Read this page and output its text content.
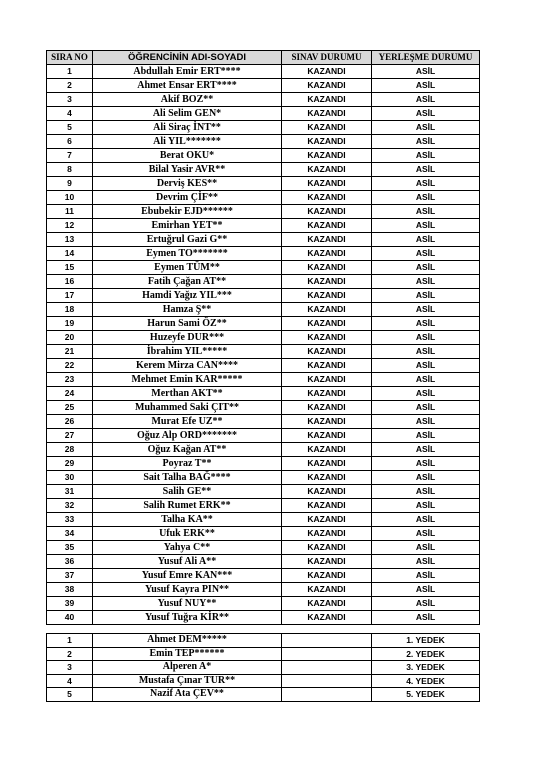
SIRA NO	ÖĞRENCİNİN ADI-SOYADI	SINAV DURUMU	YERLEŞME DURUMU
1	Abdullah Emir ERT****	KAZANDI	ASİL
2	Ahmet Ensar ERT****	KAZANDI	ASİL
3	Akif BOZ**	KAZANDI	ASİL
4	Ali Selim GEN*	KAZANDI	ASİL
5	Ali Siraç İNT**	KAZANDI	ASİL
6	Ali YIL*******	KAZANDI	ASİL
7	Berat OKU*	KAZANDI	ASİL
8	Bilal Yasir AVR**	KAZANDI	ASİL
9	Derviş KES**	KAZANDI	ASİL
10	Devrim ÇİF**	KAZANDI	ASİL
11	Ebubekir EJD******	KAZANDI	ASİL
12	Emirhan YET**	KAZANDI	ASİL
13	Ertuğrul Gazi G**	KAZANDI	ASİL
14	Eymen TO*******	KAZANDI	ASİL
15	Eymen TÜM**	KAZANDI	ASİL
16	Fatih Çağan AT**	KAZANDI	ASİL
17	Hamdi Yağız YIL***	KAZANDI	ASİL
18	Hamza Ş**	KAZANDI	ASİL
19	Harun Sami ÖZ**	KAZANDI	ASİL
20	Huzeyfe DUR***	KAZANDI	ASİL
21	İbrahim YIL*****	KAZANDI	ASİL
22	Kerem Mirza CAN****	KAZANDI	ASİL
23	Mehmet Emin KAR*****	KAZANDI	ASİL
24	Merthan AKT**	KAZANDI	ASİL
25	Muhammed Saki ÇIT**	KAZANDI	ASİL
26	Murat Efe UZ**	KAZANDI	ASİL
27	Oğuz Alp ORD*******	KAZANDI	ASİL
28	Oğuz Kağan AT**	KAZANDI	ASİL
29	Poyraz T**	KAZANDI	ASİL
30	Sait Talha BAĞ****	KAZANDI	ASİL
31	Salih GE**	KAZANDI	ASİL
32	Salih Rumet ERK**	KAZANDI	ASİL
33	Talha KA**	KAZANDI	ASİL
34	Ufuk ERK**	KAZANDI	ASİL
35	Yahya C**	KAZANDI	ASİL
36	Yusuf Ali A**	KAZANDI	ASİL
37	Yusuf Emre KAN***	KAZANDI	ASİL
38	Yusuf Kayra PIN**	KAZANDI	ASİL
39	Yusuf NUY**	KAZANDI	ASİL
40	Yusuf Tuğra KİR**	KAZANDI	ASİL
1	Ahmet DEM*****		1. YEDEK
2	Emin TEP******		2. YEDEK
3	Alperen A*		3. YEDEK
4	Mustafa Çınar TUR**		4. YEDEK
5	Nazif Ata ÇEV**		5. YEDEK
